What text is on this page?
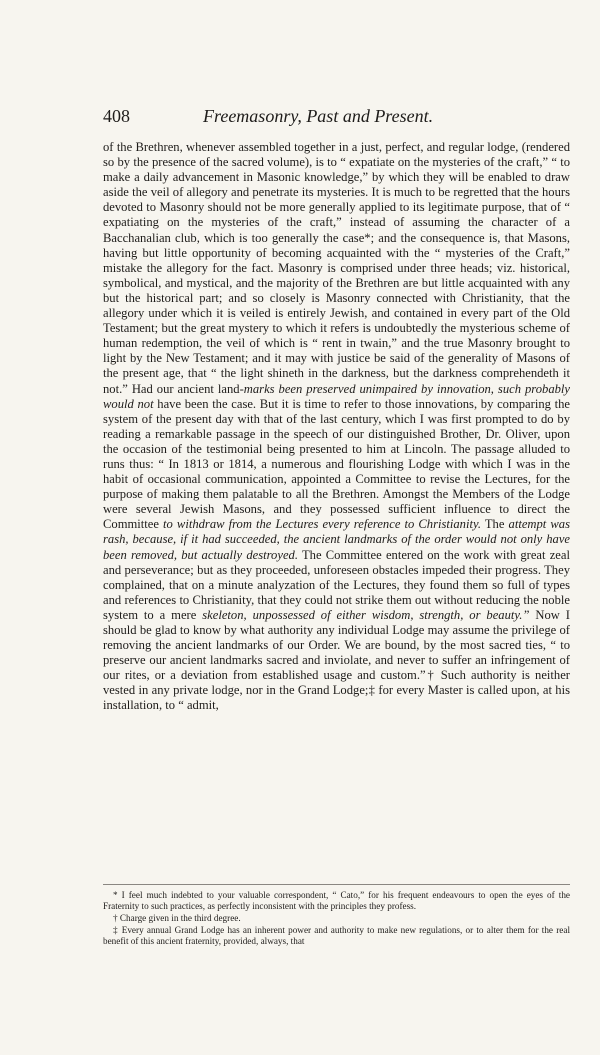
408	Freemasonry, Past and Present.

of the Brethren, whenever assembled together in a just, perfect, and regular lodge, (rendered so by the presence of the sacred volume), is to “ expatiate on the mysteries of the craft,” “ to make a daily advancement in Masonic knowledge,” by which they will be enabled to draw aside the veil of allegory and penetrate its mysteries. It is much to be regretted that the hours devoted to Masonry should not be more generally applied to its legitimate purpose, that of “ expatiating on the mysteries of the craft,” instead of assuming the character of a Bacchanalian club, which is too generally the case*; and the consequence is, that Masons, having but little opportunity of becoming acquainted with the “ mysteries of the Craft,” mistake the allegory for the fact. Masonry is comprised under three heads; viz. historical, symbolical, and mystical, and the majority of the Brethren are but little acquainted with any but the historical part; and so closely is Masonry connected with Christianity, that the allegory under which it is veiled is entirely Jewish, and contained in every part of the Old Testament; but the great mystery to which it refers is undoubtedly the mysterious scheme of human redemption, the veil of which is “ rent in twain,” and the true Masonry brought to light by the New Testament; and it may with justice be said of the generality of Masons of the present age, that “ the light shineth in the darkness, but the darkness comprehendeth it not.” Had our ancient land-marks been preserved unimpaired by innovation, such probably would not have been the case. But it is time to refer to those innovations, by comparing the system of the present day with that of the last century, which I was first prompted to do by reading a remarkable passage in the speech of our distinguished Brother, Dr. Oliver, upon the occasion of the testimonial being presented to him at Lincoln. The passage alluded to runs thus: “ In 1813 or 1814, a numerous and flourishing Lodge with which I was in the habit of occasional communication, appointed a Committee to revise the Lectures, for the purpose of making them palatable to all the Brethren. Amongst the Members of the Lodge were several Jewish Masons, and they possessed sufficient influence to direct the Committee to withdraw from the Lectures every reference to Christianity. The attempt was rash, because, if it had succeeded, the ancient landmarks of the order would not only have been removed, but actually destroyed. The Committee entered on the work with great zeal and perseverance; but as they proceeded, unforeseen obstacles impeded their progress. They complained, that on a minute analyzation of the Lectures, they found them so full of types and references to Christianity, that they could not strike them out without reducing the noble system to a mere skeleton, unpossessed of either wisdom, strength, or beauty.” Now I should be glad to know by what authority any individual Lodge may assume the privilege of removing the ancient landmarks of our Order. We are bound, by the most sacred ties, “ to preserve our ancient landmarks sacred and inviolate, and never to suffer an infringement of our rites, or a deviation from established usage and custom.”† Such authority is neither vested in any private lodge, nor in the Grand Lodge;‡ for every Master is called upon, at his installation, to “ admit,

* I feel much indebted to your valuable correspondent, “ Cato,” for his frequent endeavours to open the eyes of the Fraternity to such practices, as perfectly inconsistent with the principles they profess.

† Charge given in the third degree.

‡ Every annual Grand Lodge has an inherent power and authority to make new regulations, or to alter them for the real benefit of this ancient fraternity, provided, always, that
